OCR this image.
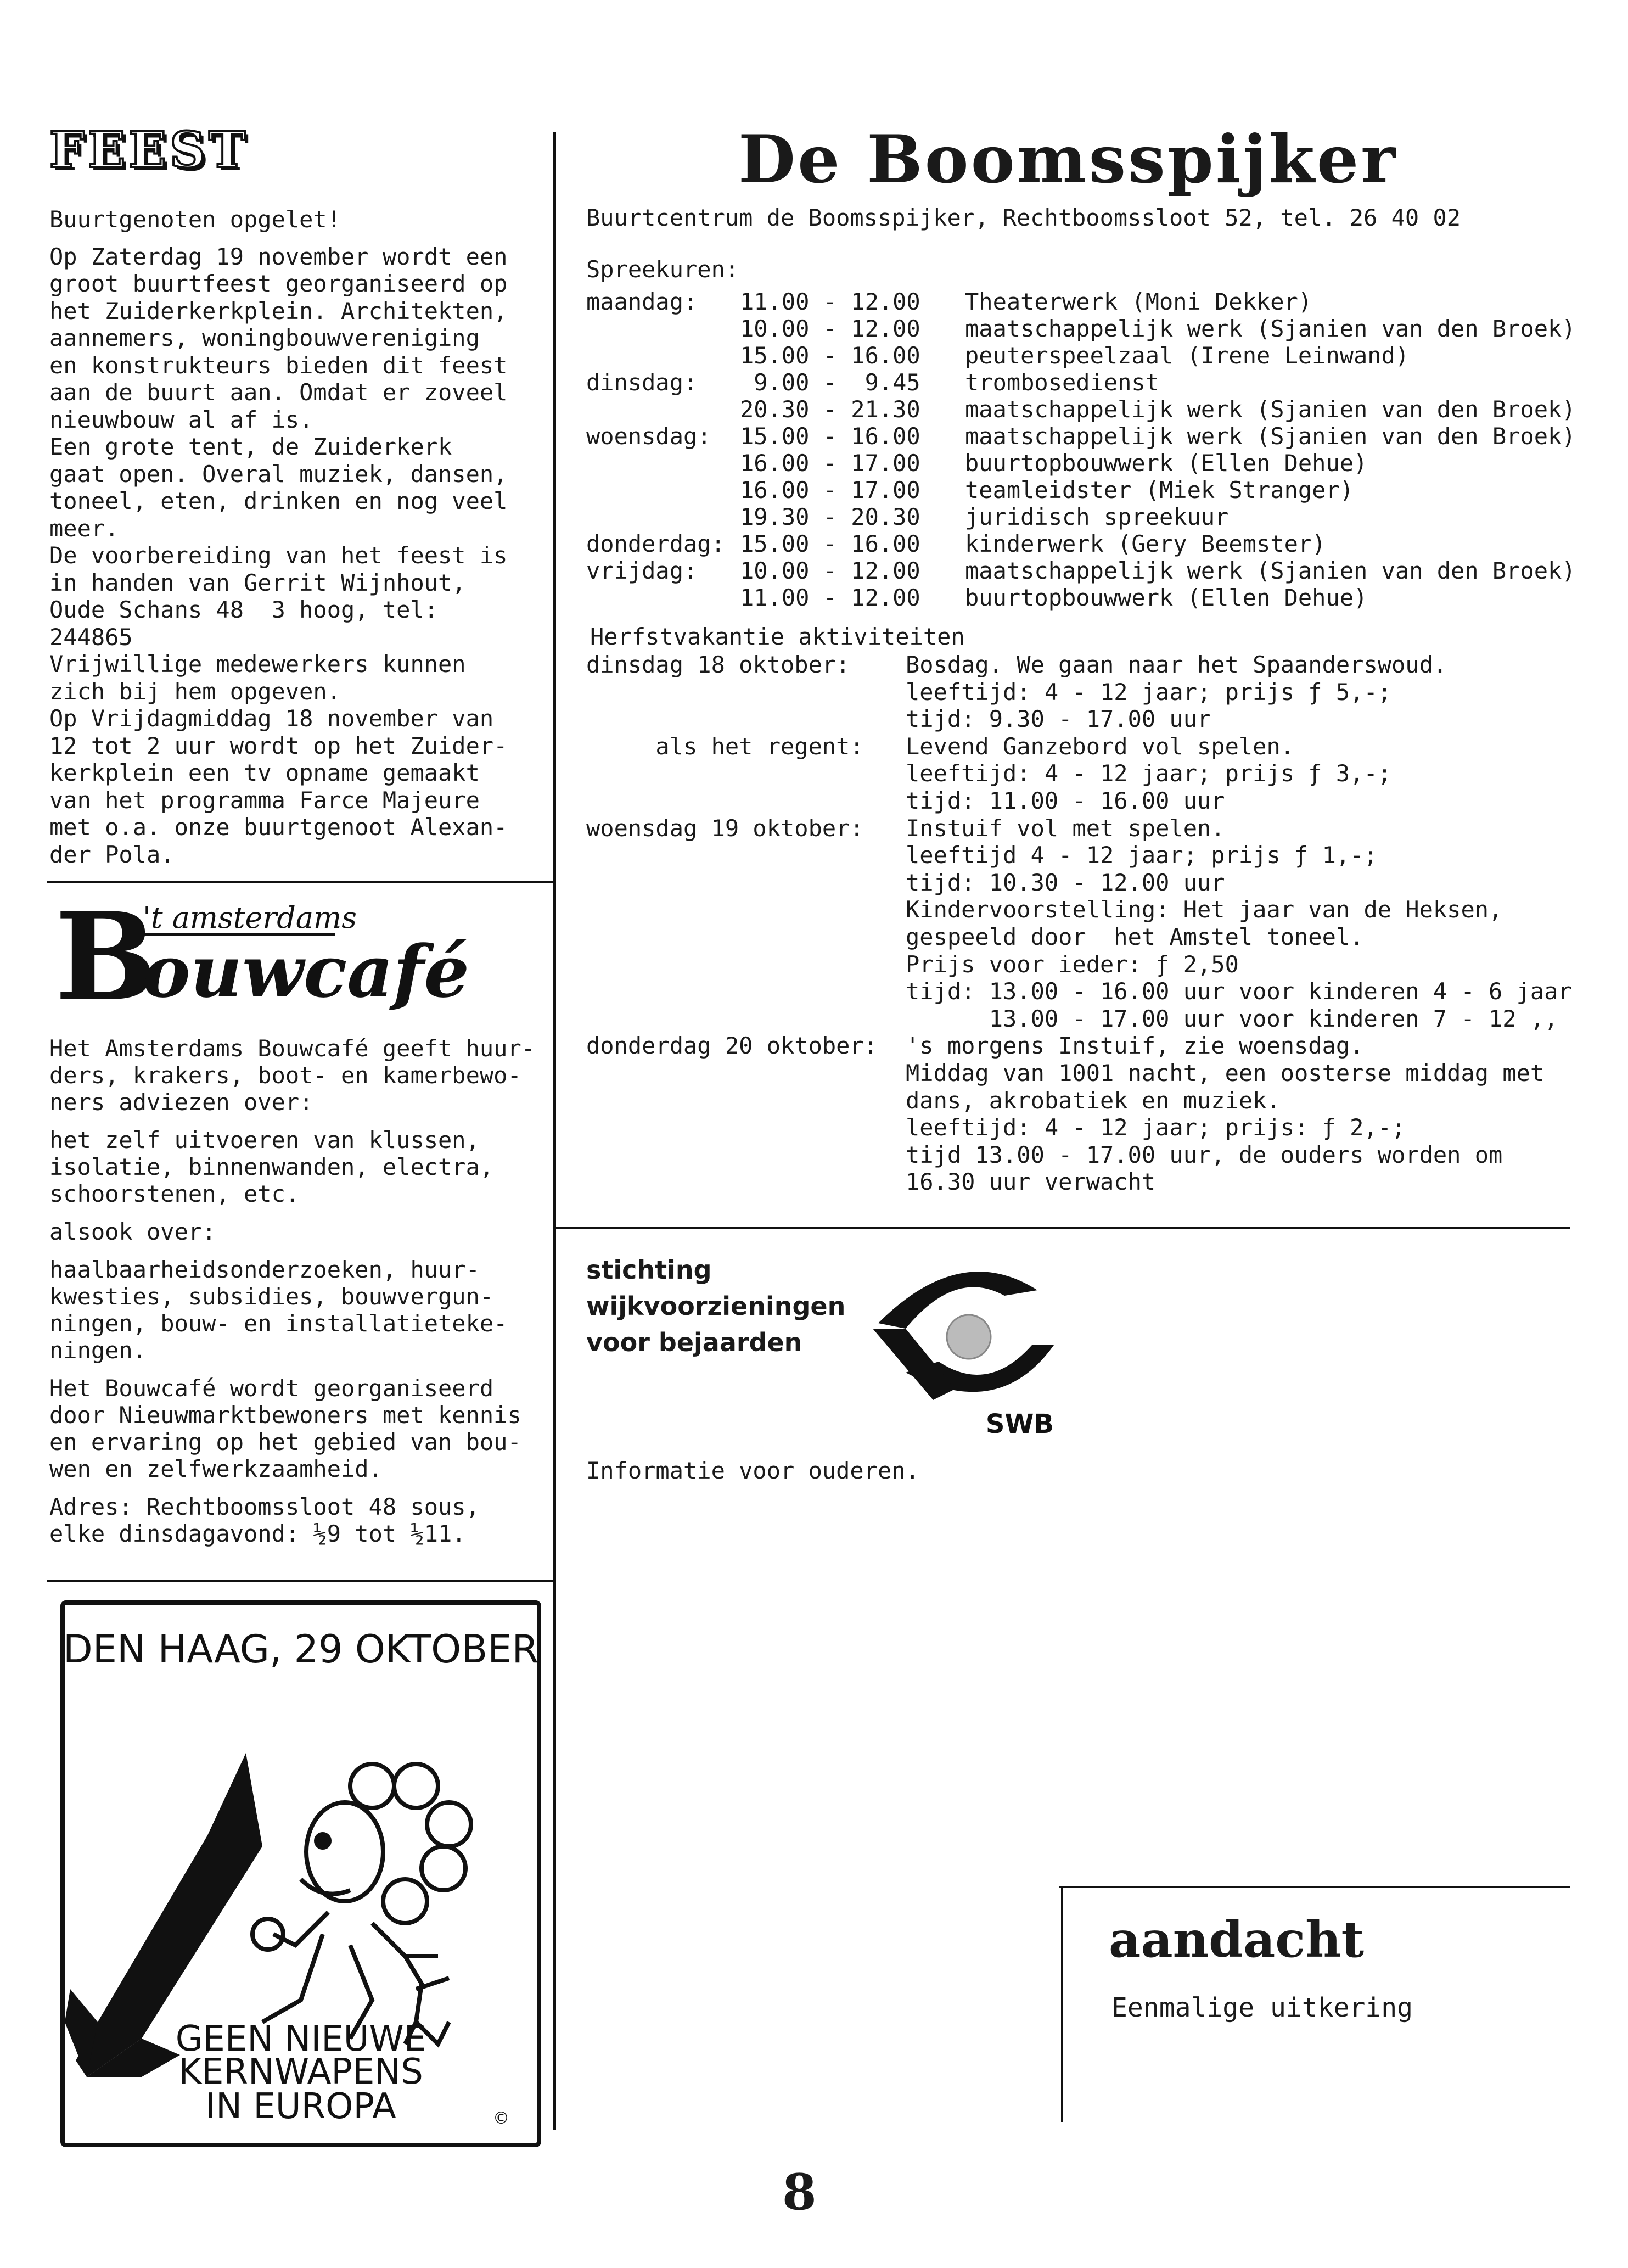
FEEST
Buurtgenoten opgelet!
Op Zaterdag 19 november wordt een
groot buurtfeest georganiseerd op
het Zuiderkerkplein. Architekten,
aannemers, woningbouwvereniging
en konstrukteurs bieden dit feest
aan de buurt aan. Omdat er zoveel
nieuwbouw al af is.
Een grote tent, de Zuiderkerk
gaat open. Overal muziek, dansen,
toneel, eten, drinken en nog veel
meer.
De voorbereiding van het feest is
in handen van Gerrit Wijnhout,
Oude Schans 48  3 hoog, tel:
244865
Vrijwillige medewerkers kunnen
zich bij hem opgeven.
Op Vrijdagmiddag 18 november van
12 tot 2 uur wordt op het Zuider-
kerkplein een tv opname gemaakt
van het programma Farce Majeure
met o.a. onze buurtgenoot Alexan-
der Pola.
B
't amsterdams
ouwcafé
Het Amsterdams Bouwcafé geeft huur-
ders, krakers, boot- en kamerbewo-
ners adviezen over:
het zelf uitvoeren van klussen,
isolatie, binnenwanden, electra,
schoorstenen, etc.
alsook over:
haalbaarheidsonderzoeken, huur-
kwesties, subsidies, bouwvergun-
ningen, bouw- en installatieteke-
ningen.
Het Bouwcafé wordt georganiseerd
door Nieuwmarktbewoners met kennis
en ervaring op het gebied van bou-
wen en zelfwerkzaamheid.
Adres: Rechtboomssloot 48 sous,
elke dinsdagavond: ½9 tot ½11.
DEN HAAG, 29 OKTOBER
GEEN NIEUWE
KERNWAPENS
IN EUROPA	©
De Boomsspijker
Buurtcentrum de Boomsspijker, Rechtboomssloot 52, tel. 26 40 02
Spreekuren:
maandag:	11.00 - 12.00	Theaterwerk (Moni Dekker)
10.00 - 12.00	maatschappelijk werk (Sjanien van den Broek)
15.00 - 16.00	peuterspeelzaal (Irene Leinwand)
dinsdag:	9.00 -  9.45	trombosedienst
20.30 - 21.30	maatschappelijk werk (Sjanien van den Broek)
woensdag:	15.00 - 16.00	maatschappelijk werk (Sjanien van den Broek)
16.00 - 17.00	buurtopbouwwerk (Ellen Dehue)
16.00 - 17.00	teamleidster (Miek Stranger)
19.30 - 20.30	juridisch spreekuur
donderdag: 15.00 - 16.00	kinderwerk (Gery Beemster)
vrijdag:	10.00 - 12.00	maatschappelijk werk (Sjanien van den Broek)
11.00 - 12.00	buurtopbouwwerk (Ellen Dehue)
Herfstvakantie aktiviteiten
dinsdag 18 oktober:	Bosdag. We gaan naar het Spaanderswoud.
leeftijd: 4 - 12 jaar; prijs ƒ 5,-;
tijd: 9.30 - 17.00 uur
als het regent:	Levend Ganzebord vol spelen.
leeftijd: 4 - 12 jaar; prijs ƒ 3,-;
tijd: 11.00 - 16.00 uur
woensdag 19 oktober:	Instuif vol met spelen.
leeftijd 4 - 12 jaar; prijs ƒ 1,-;
tijd: 10.30 - 12.00 uur
Kindervoorstelling: Het jaar van de Heksen,
gespeeld door  het Amstel toneel.
Prijs voor ieder: ƒ 2,50
tijd: 13.00 - 16.00 uur voor kinderen 4 - 6 jaar
13.00 - 17.00 uur voor kinderen 7 - 12 ,,
donderdag 20 oktober:	's morgens Instuif, zie woensdag.
Middag van 1001 nacht, een oosterse middag met
dans, akrobatiek en muziek.
leeftijd: 4 - 12 jaar; prijs: ƒ 2,-;
tijd 13.00 - 17.00 uur, de ouders worden om
16.30 uur verwacht
stichting
wijkvoorzieningen
voor bejaarden
SWB
Informatie voor ouderen.
aandacht
Eenmalige uitkering
8
